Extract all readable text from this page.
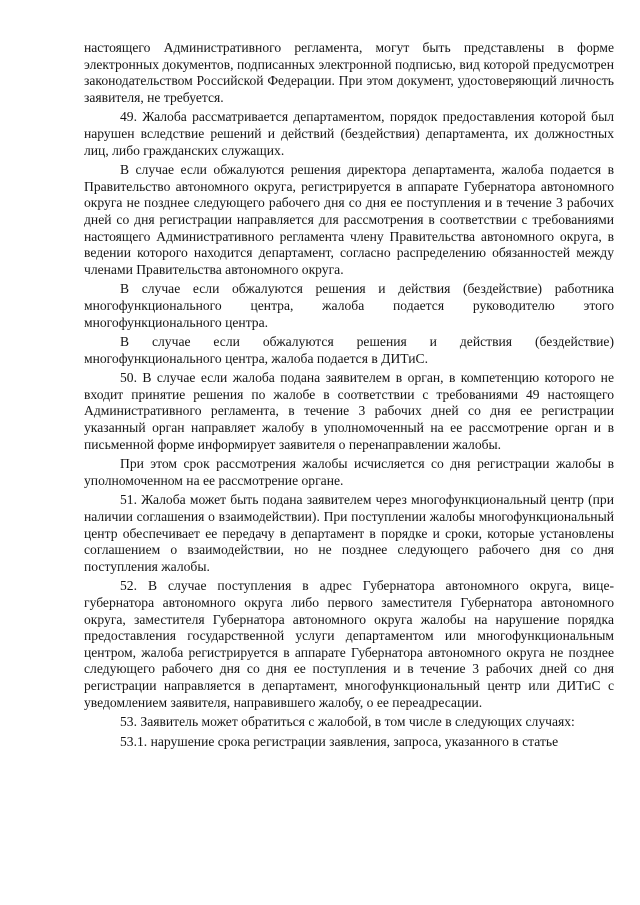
настоящего Административного регламента, могут быть представлены в форме электронных документов, подписанных электронной подписью, вид которой предусмотрен законодательством Российской Федерации. При этом документ, удостоверяющий личность заявителя, не требуется.

49. Жалоба рассматривается департаментом, порядок предоставления которой был нарушен вследствие решений и действий (бездействия) департамента, их должностных лиц, либо гражданских служащих.

В случае если обжалуются решения директора департамента, жалоба подается в Правительство автономного округа, регистрируется в аппарате Губернатора автономного округа не позднее следующего рабочего дня со дня ее поступления и в течение 3 рабочих дней со дня регистрации направляется для рассмотрения в соответствии с требованиями настоящего Административного регламента члену Правительства автономного округа, в ведении которого находится департамент, согласно распределению обязанностей между членами Правительства автономного округа.

В случае если обжалуются решения и действия (бездействие) работника многофункционального центра, жалоба подается руководителю этого многофункционального центра.

В случае если обжалуются решения и действия (бездействие) многофункционального центра, жалоба подается в ДИТиС.

50. В случае если жалоба подана заявителем в орган, в компетенцию которого не входит принятие решения по жалобе в соответствии с требованиями 49 настоящего Административного регламента, в течение 3 рабочих дней со дня ее регистрации указанный орган направляет жалобу в уполномоченный на ее рассмотрение орган и в письменной форме информирует заявителя о перенаправлении жалобы.

При этом срок рассмотрения жалобы исчисляется со дня регистрации жалобы в уполномоченном на ее рассмотрение органе.

51. Жалоба может быть подана заявителем через многофункциональный центр (при наличии соглашения о взаимодействии). При поступлении жалобы многофункциональный центр обеспечивает ее передачу в департамент в порядке и сроки, которые установлены соглашением о взаимодействии, но не позднее следующего рабочего дня со дня поступления жалобы.

52. В случае поступления в адрес Губернатора автономного округа, вице-губернатора автономного округа либо первого заместителя Губернатора автономного округа, заместителя Губернатора автономного округа жалобы на нарушение порядка предоставления государственной услуги департаментом или многофункциональным центром, жалоба регистрируется в аппарате Губернатора автономного округа не позднее следующего рабочего дня со дня ее поступления и в течение 3 рабочих дней со дня регистрации направляется в департамент, многофункциональный центр или ДИТиС с уведомлением заявителя, направившего жалобу, о ее переадресации.

53. Заявитель может обратиться с жалобой, в том числе в следующих случаях:

53.1. нарушение срока регистрации заявления, запроса, указанного в статье
